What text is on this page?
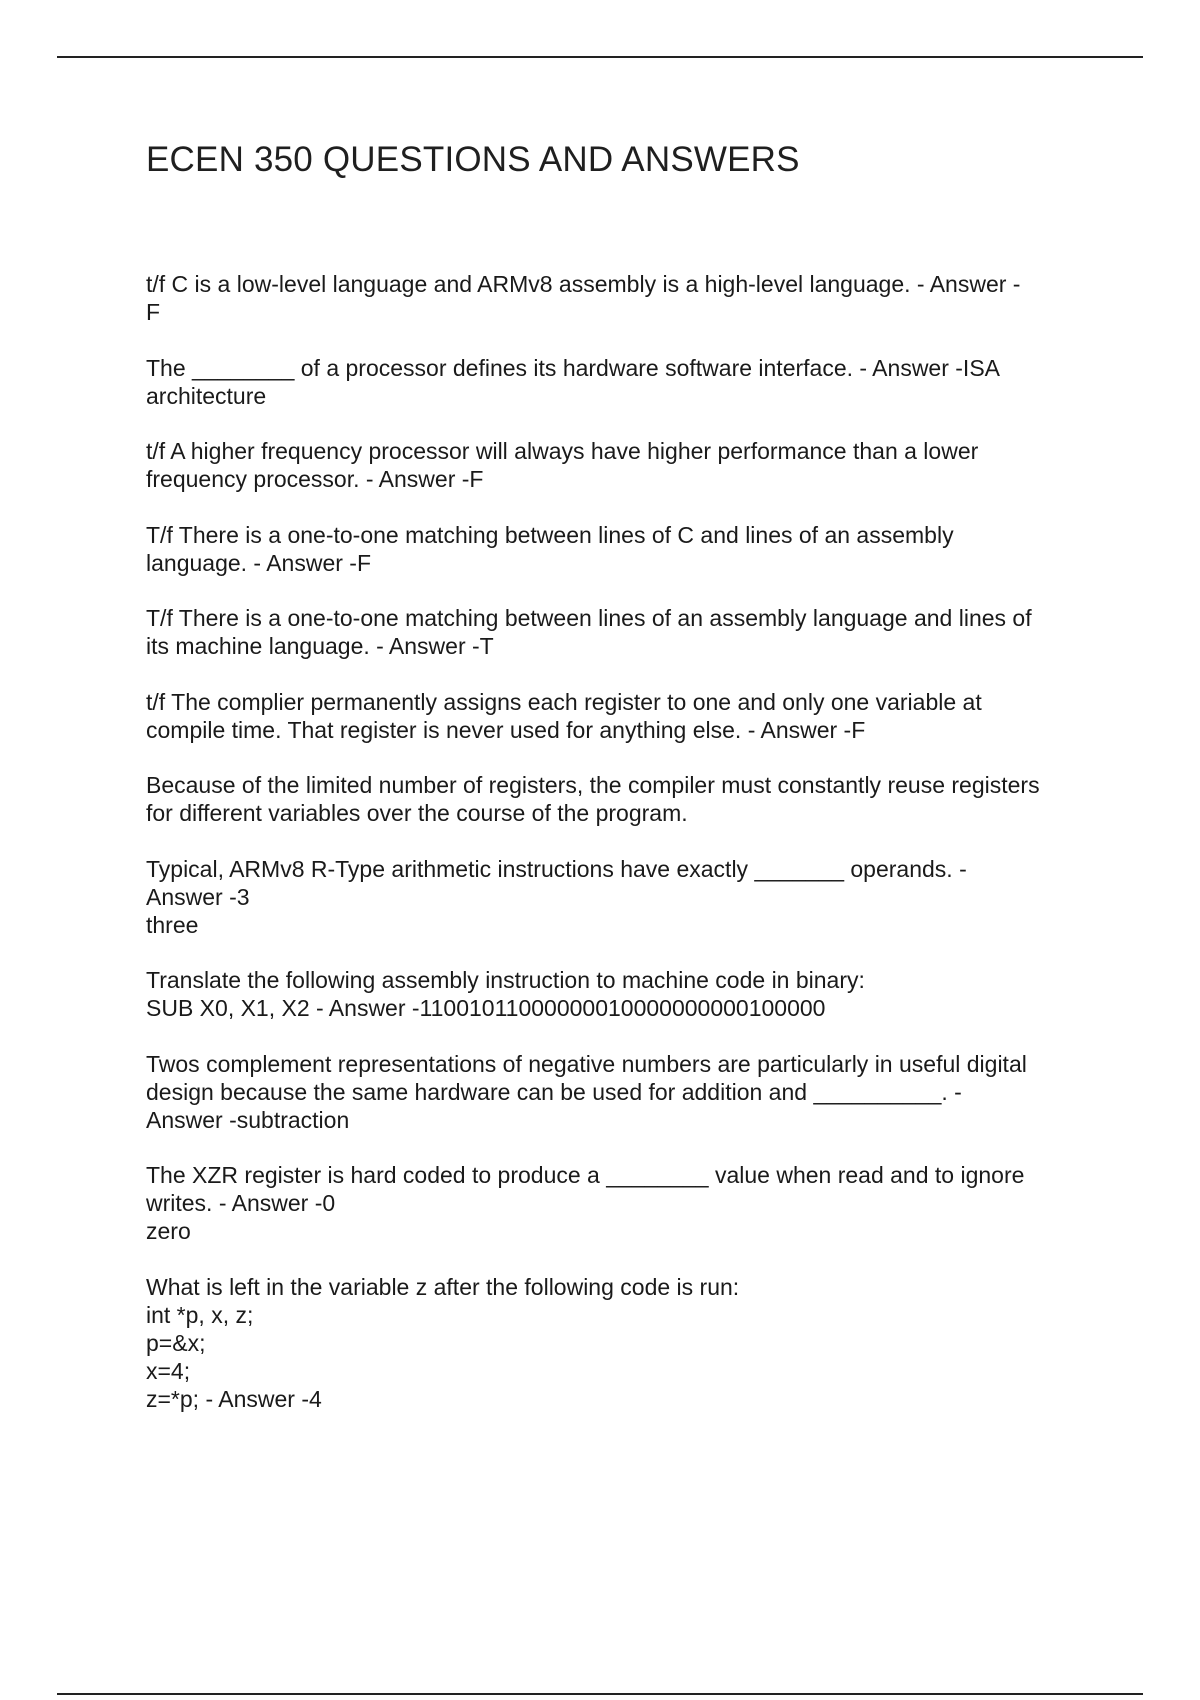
ECEN 350 QUESTIONS AND ANSWERS

t/f C is a low-level language and ARMv8 assembly is a high-level language. - Answer -
F

The ________ of a processor defines its hardware software interface. - Answer -ISA
architecture

t/f A higher frequency processor will always have higher performance than a lower
frequency processor. - Answer -F

T/f There is a one-to-one matching between lines of C and lines of an assembly
language. - Answer -F

T/f There is a one-to-one matching between lines of an assembly language and lines of
its machine language. - Answer -T

t/f The complier permanently assigns each register to one and only one variable at
compile time. That register is never used for anything else. - Answer -F

Because of the limited number of registers, the compiler must constantly reuse registers
for different variables over the course of the program.

Typical, ARMv8 R-Type arithmetic instructions have exactly _______ operands. -
Answer -3
three

Translate the following assembly instruction to machine code in binary:
SUB X0, X1, X2 - Answer -11001011000000010000000000100000

Twos complement representations of negative numbers are particularly in useful digital
design because the same hardware can be used for addition and __________. -
Answer -subtraction

The XZR register is hard coded to produce a ________ value when read and to ignore
writes. - Answer -0
zero

What is left in the variable z after the following code is run:
int *p, x, z;
p=&x;
x=4;
z=*p; - Answer -4
